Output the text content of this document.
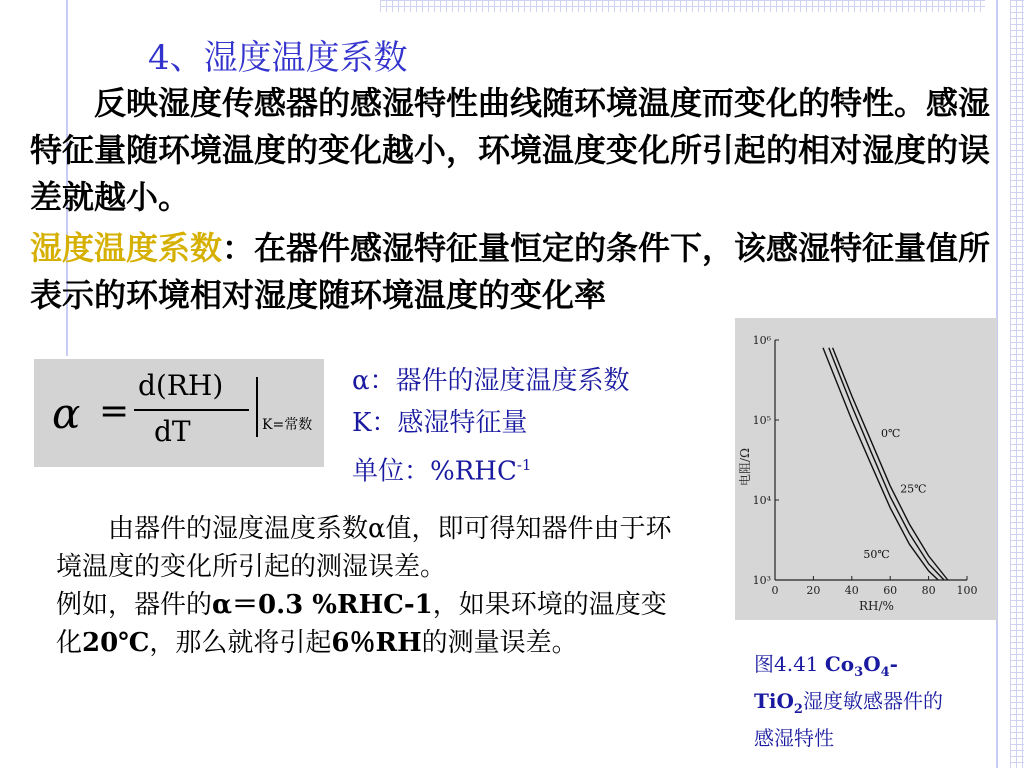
4、湿度温度系数
反映湿度传感器的感湿特性曲线随环境温度而变化的特性。感湿特征量随环境温度的变化越小，环境温度变化所引起的相对湿度的误差就越小。
湿度温度系数：在器件感湿特征量恒定的条件下，该感湿特征量值所表示的环境相对湿度随环境温度的变化率
α =
d(RH)
dT	K=常数
α：器件的湿度温度系数
K：感湿特征量
单位：$\%RHC^{-1}$
10³
10⁴
10⁵
10⁶
0	20 40 60 80 100
0℃
25℃
50℃
电阻/Ω
RH/%
图4.41 $Co_3O_4-$
TiO$_2$湿度敏感器件的感湿特性
由器件的湿度温度系数α值，即可得知器件由于环境温度的变化所引起的测湿误差。
例如，器件的α＝0.3 %RHC-1，如果环境的温度变化20℃，那么就将引起6％RH的测量误差。
